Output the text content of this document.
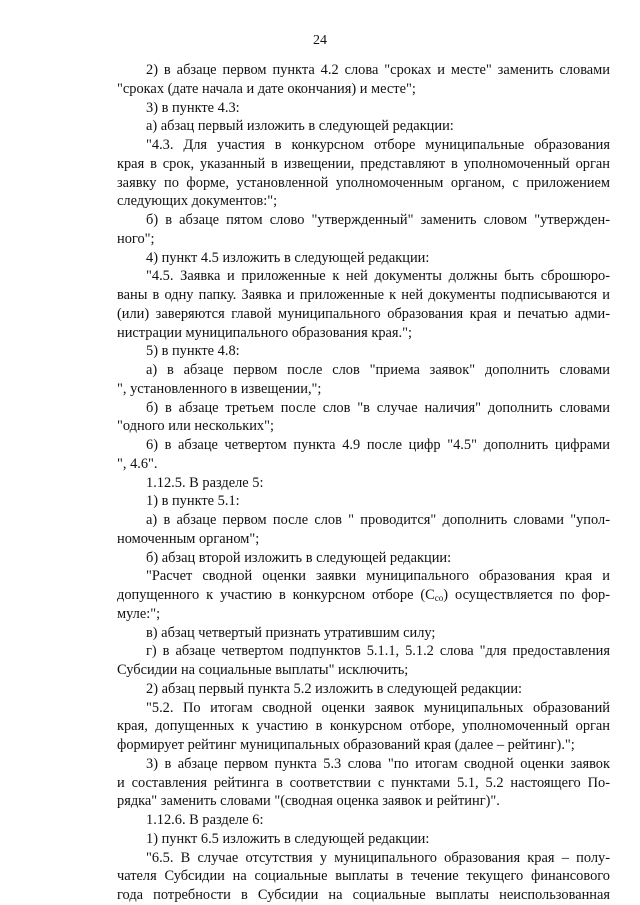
24
2) в абзаце первом пункта 4.2 слова "сроках и месте" заменить словами
"сроках (дате начала и дате окончания) и месте";
3) в пункте 4.3:
а) абзац первый изложить в следующей редакции:
"4.3. Для участия в конкурсном отборе муниципальные образования
края в срок, указанный в извещении, представляют в уполномоченный орган
заявку по форме, установленной уполномоченным органом, с приложением
следующих документов:";
б) в абзаце пятом слово "утвержденный" заменить словом "утвержден-
ного";
4) пункт 4.5 изложить в следующей редакции:
"4.5. Заявка и приложенные к ней документы должны быть сброшюро-
ваны в одну папку. Заявка и приложенные к ней документы подписываются и
(или) заверяются главой муниципального образования края и печатью адми-
нистрации муниципального образования края.";
5) в пункте 4.8:
а) в абзаце первом после слов "приема заявок" дополнить словами
", установленного в извещении,";
б) в абзаце третьем после слов "в случае наличия" дополнить словами
"одного или нескольких";
6) в абзаце четвертом пункта 4.9 после цифр "4.5" дополнить цифрами
", 4.6".
1.12.5. В разделе 5:
1) в пункте 5.1:
а) в абзаце первом после слов " проводится" дополнить словами "упол-
номоченным органом";
б) абзац второй изложить в следующей редакции:
"Расчет сводной оценки заявки муниципального образования края и
допущенного к участию в конкурсном отборе $(С_{со})$ осуществляется по фор-
муле:";
в) абзац четвертый признать утратившим силу;
г) в абзаце четвертом подпунктов 5.1.1, 5.1.2 слова "для предоставления
Субсидии на социальные выплаты" исключить;
2) абзац первый пункта 5.2 изложить в следующей редакции:
"5.2. По итогам сводной оценки заявок муниципальных образований
края, допущенных к участию в конкурсном отборе, уполномоченный орган
формирует рейтинг муниципальных образований края (далее – рейтинг).";
3) в абзаце первом пункта 5.3 слова "по итогам сводной оценки заявок
и составления рейтинга в соответствии с пунктами 5.1, 5.2 настоящего По-
рядка" заменить словами "(сводная оценка заявок и рейтинг)".
1.12.6. В разделе 6:
1) пункт 6.5 изложить в следующей редакции:
"6.5. В случае отсутствия у муниципального образования края – полу-
чателя Субсидии на социальные выплаты в течение текущего финансового
года потребности в Субсидии на социальные выплаты неиспользованная
